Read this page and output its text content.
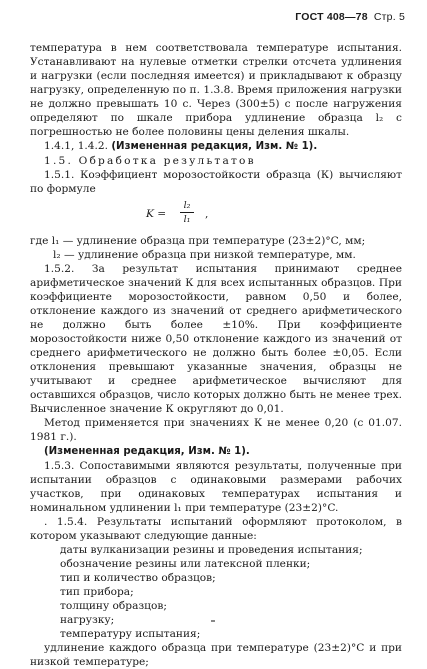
ГОСТ 408—78 Стр. 5

температура в нем соответствовала температуре испытания. Устанавливают на нулевые отметки стрелки отсчета удлинения и нагрузки (если последняя имеется) и прикладывают к образцу нагрузку, определенную по п. 1.3.8. Время приложения нагрузки не должно превышать 10 с. Через (300±5) с после нагружения определяют по шкале прибора удлинение образца l₂ с погрешностью не более половины цены деления шкалы.

1.4.1, 1.4.2. (Измененная редакция, Изм. № 1).

1.5. Обработка результатов

1.5.1. Коэффициент морозостойкости образца (К) вычисляют по формуле

K =
l₂
l₁	,
где l₁ — удлинение образца при температуре (23±2)°C, мм;
l₂ — удлинение образца при низкой температуре, мм.

1.5.2. За результат испытания принимают среднее арифметическое значений К для всех испытанных образцов. При коэффициенте морозостойкости, равном 0,50 и более, отклонение каждого из значений от среднего арифметического не должно быть более ±10%. При коэффициенте морозостойкости ниже 0,50 отклонение каждого из значений от среднего арифметического не должно быть более ±0,05. Если отклонения превышают указанные значения, образцы не учитывают и среднее арифметическое вычисляют для оставшихся образцов, число которых должно быть не менее трех. Вычисленное значение К округляют до 0,01.

Метод применяется при значениях К не менее 0,20 (с 01.07. 1981 г.).

(Измененная редакция, Изм. № 1).

1.5.3. Сопоставимыми являются результаты, полученные при испытании образцов с одинаковыми размерами рабочих участков, при одинаковых температурах испытания и номинальном удлинении l₁ при температуре (23±2)°C.

. 1.5.4. Результаты испытаний оформляют протоколом, в котором указывают следующие данные:

даты вулканизации резины и проведения испытания;
обозначение резины или латексной пленки;
тип и количество образцов;
тип прибора;
толщину образцов;
нагрузку;
температуру испытания;

удлинение каждого образца при температуре (23±2)°C и при низкой температуре;
